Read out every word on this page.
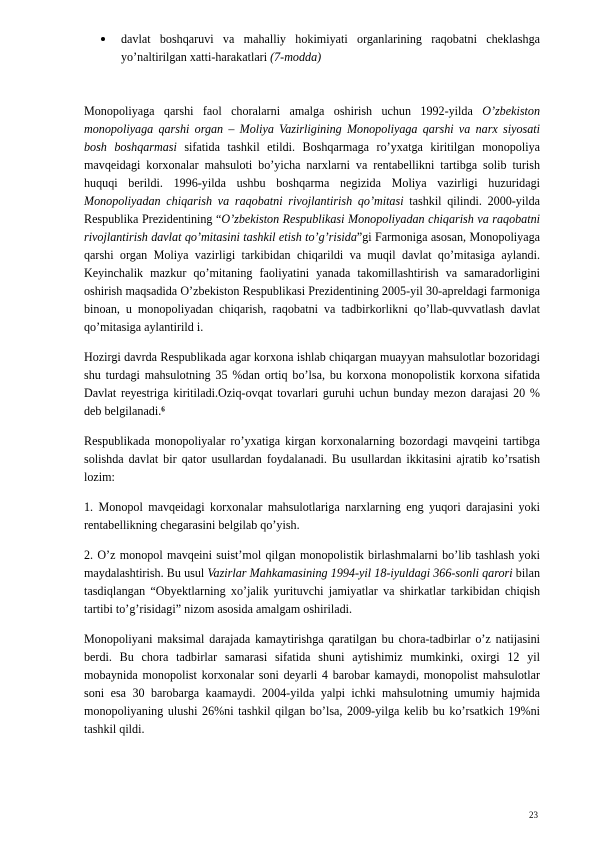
davlat boshqaruvi va mahalliy hokimiyati organlarining raqobatni cheklashga yo’naltirilgan xatti-harakatlari (7-modda)

Monopoliyaga qarshi faol choralarni amalga oshirish uchun 1992-yilda O’zbekiston monopoliyaga qarshi organ – Moliya Vazirligining Monopoliyaga qarshi va narx siyosati bosh boshqarmasi sifatida tashkil etildi. Boshqarmaga ro’yxatga kiritilgan monopoliya mavqeidagi korxonalar mahsuloti bo’yicha narxlarni va rentabellikni tartibga solib turish huquqi berildi. 1996-yilda ushbu boshqarma negizida Moliya vazirligi huzuridagi Monopoliyadan chiqarish va raqobatni rivojlantirish qo’mitasi tashkil qilindi. 2000-yilda Respublika Prezidentining “O’zbekiston Respublikasi Monopoliyadan chiqarish va raqobatni rivojlantirish davlat qo’mitasini tashkil etish to’g’risida”gi Farmoniga asosan, Monopoliyaga qarshi organ Moliya vazirligi tarkibidan chiqarildi va muqil davlat qo’mitasiga aylandi. Keyinchalik mazkur qo’mitaning faoliyatini yanada takomillashtirish va samaradorligini oshirish maqsadida O’zbekiston Respublikasi Prezidentining 2005-yil 30-apreldagi farmoniga binoan, u monopoliyadan chiqarish, raqobatni va tadbirkorlikni qo’llab-quvvatlash davlat qo’mitasiga aylantirild i.

Hozirgi davrda Respublikada agar korxona ishlab chiqargan muayyan mahsulotlar bozoridagi shu turdagi mahsulotning 35 %dan ortiq bo’lsa, bu korxona monopolistik korxona sifatida Davlat reyestriga kiritiladi.Oziq-ovqat tovarlari guruhi uchun bunday mezon darajasi 20 % deb belgilanadi.⁶

Respublikada monopoliyalar ro’yxatiga kirgan korxonalarning bozordagi mavqeini tartibga solishda davlat bir qator usullardan foydalanadi. Bu usullardan ikkitasini ajratib ko’rsatish lozim:

1. Monopol mavqeidagi korxonalar mahsulotlariga narxlarning eng yuqori darajasini yoki rentabellikning chegarasini belgilab qo’yish.

2. O’z monopol mavqeini suist’mol qilgan monopolistik birlashmalarni bo’lib tashlash yoki maydalashtirish. Bu usul Vazirlar Mahkamasining 1994-yil 18-iyuldagi 366-sonli qarori bilan tasdiqlangan “Obyektlarning xo’jalik yurituvchi jamiyatlar va shirkatlar tarkibidan chiqish tartibi to’g’risidagi” nizom asosida amalgam oshiriladi.

Monopoliyani maksimal darajada kamaytirishga qaratilgan bu chora-tadbirlar o’z natijasini berdi. Bu chora tadbirlar samarasi sifatida shuni aytishimiz mumkinki, oxirgi 12 yil mobaynida monopolist korxonalar soni deyarli 4 barobar kamaydi, monopolist mahsulotlar soni esa 30 barobarga kaamaydi. 2004-yilda yalpi ichki mahsulotning umumiy hajmida monopoliyaning ulushi 26%ni tashkil qilgan bo’lsa, 2009-yilga kelib bu ko’rsatkich 19%ni tashkil qildi.

23
